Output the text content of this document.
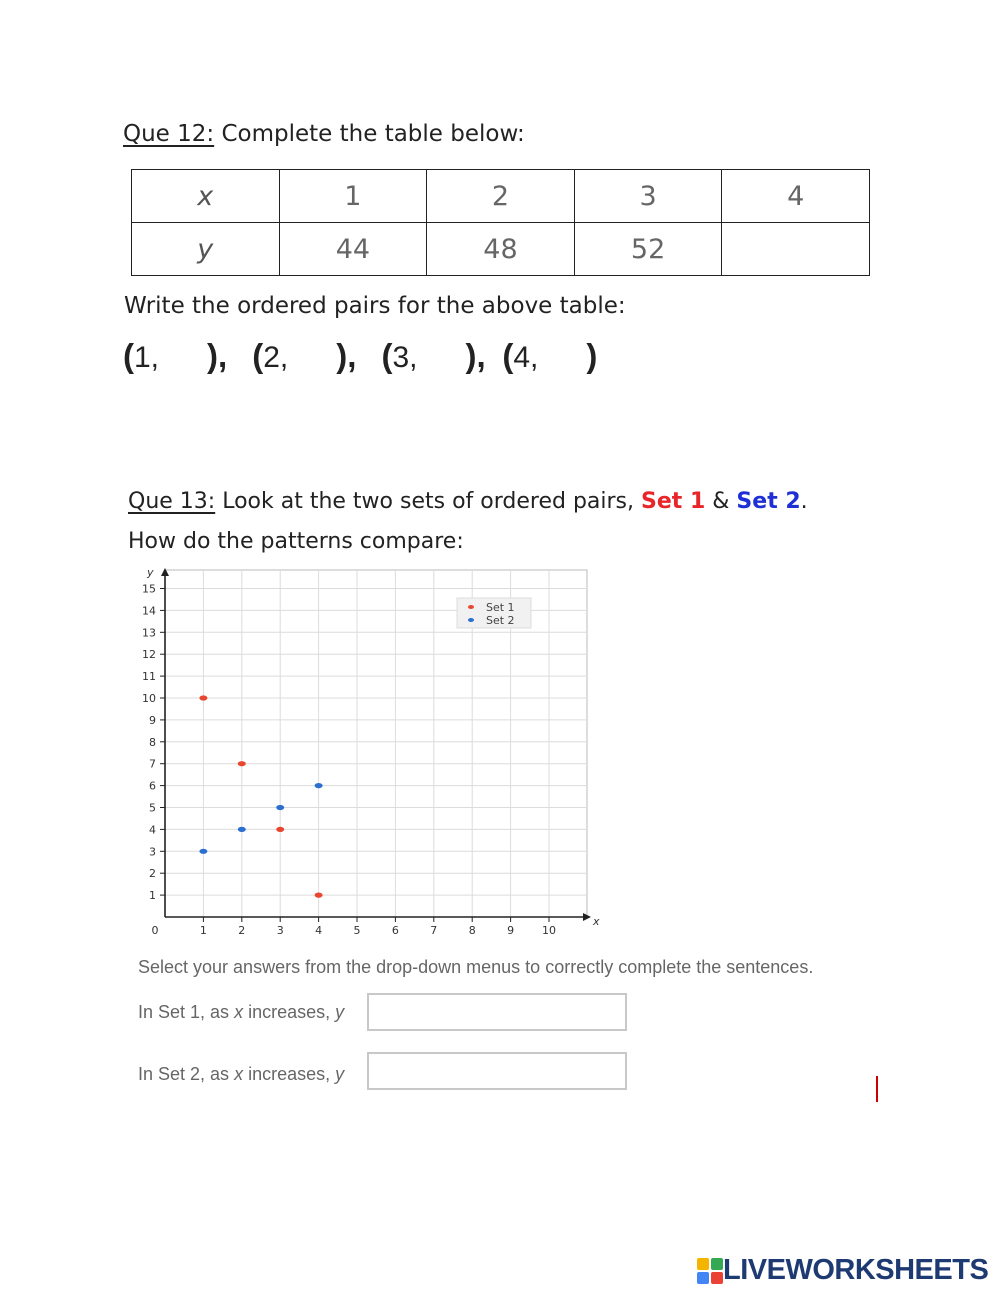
Que 12: Complete the table below:
x	1	2	3	4
y	44	48	52	
Write the ordered pairs for the above table:
(1, ), (2, ), (3, ), (4, )
Que 13: Look at the two sets of ordered pairs, Set 1 & Set 2.
How do the patterns compare:
x
y
0	1	2	3	4	5	6	7	8	9	10
1
2
3
4
5
6
7
8
9
10
11
12
13
14
15
Set 1
Set 2
Select your answers from the drop-down menus to correctly complete the sentences.
In Set 1, as x increases, y
In Set 2, as x increases, y
LIVEWORKSHEETS
